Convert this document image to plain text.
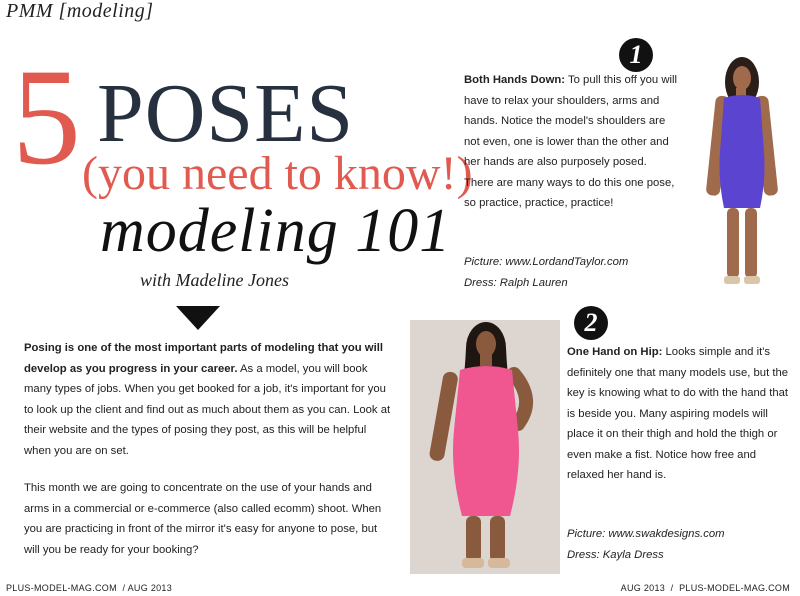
PMM [modeling]
5 POSES
(you need to know!)
modeling 101
with Madeline Jones
Posing is one of the most important parts of modeling that you will develop as you progress in your career. As a model, you will book many types of jobs. When you get booked for a job, it's important for you to look up the client and find out as much about them as you can. Look at their website and the types of posing they post, as this will be helpful when you are on set.
This month we are going to concentrate on the use of your hands and arms in a commercial or e-commerce (also called ecomm) shoot. When you are practicing in front of the mirror it's easy for anyone to pose, but will you be ready for your booking?
1
Both Hands Down: To pull this off you will have to relax your shoulders, arms and hands. Notice the model's shoulders are not even, one is lower than the other and her hands are also purposely posed. There are many ways to do this one pose, so practice, practice, practice!
Picture: www.LordandTaylor.com
Dress: Ralph Lauren
2
One Hand on Hip: Looks simple and it's definitely one that many models use, but the key is knowing what to do with the hand that is beside you. Many aspiring models will place it on their thigh and hold the thigh or even make a fist. Notice how free and relaxed her hand is.
Picture: www.swakdesigns.com
Dress: Kayla Dress
PLUS-MODEL-MAG.COM  / AUG 2013	AUG 2013  /  PLUS-MODEL-MAG.COM
